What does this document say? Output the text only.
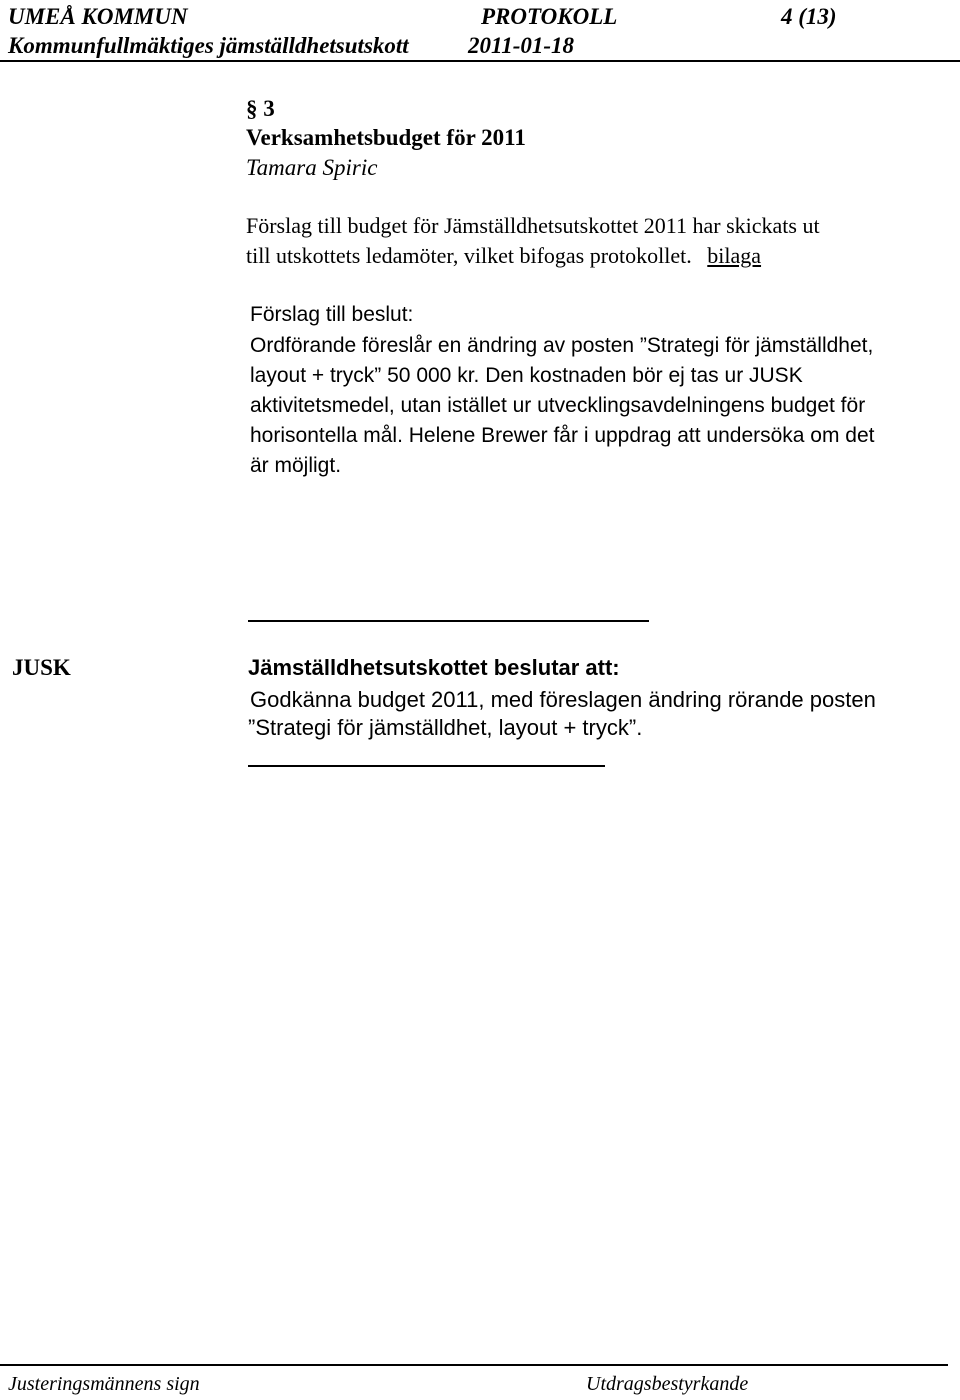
UMEÅ KOMMUN	PROTOKOLL	4 (13)
Kommunfullmäktiges jämställdhetsutskott	2011-01-18
§ 3
Verksamhetsbudget för 2011
Tamara Spiric
Förslag till budget för Jämställdhetsutskottet 2011 har skickats ut
till utskottets ledamöter, vilket bifogas protokollet. bilaga
Förslag till beslut:
Ordförande föreslår en ändring av posten ”Strategi för jämställdhet,
layout + tryck” 50 000 kr. Den kostnaden bör ej tas ur JUSK
aktivitetsmedel, utan istället ur utvecklingsavdelningens budget för
horisontella mål. Helene Brewer får i uppdrag att undersöka om det
är möjligt.
JUSK	Jämställdhetsutskottet beslutar att:
Godkänna budget 2011, med föreslagen ändring rörande posten
”Strategi för jämställdhet, layout + tryck”.
Justeringsmännens sign	Utdragsbestyrkande
